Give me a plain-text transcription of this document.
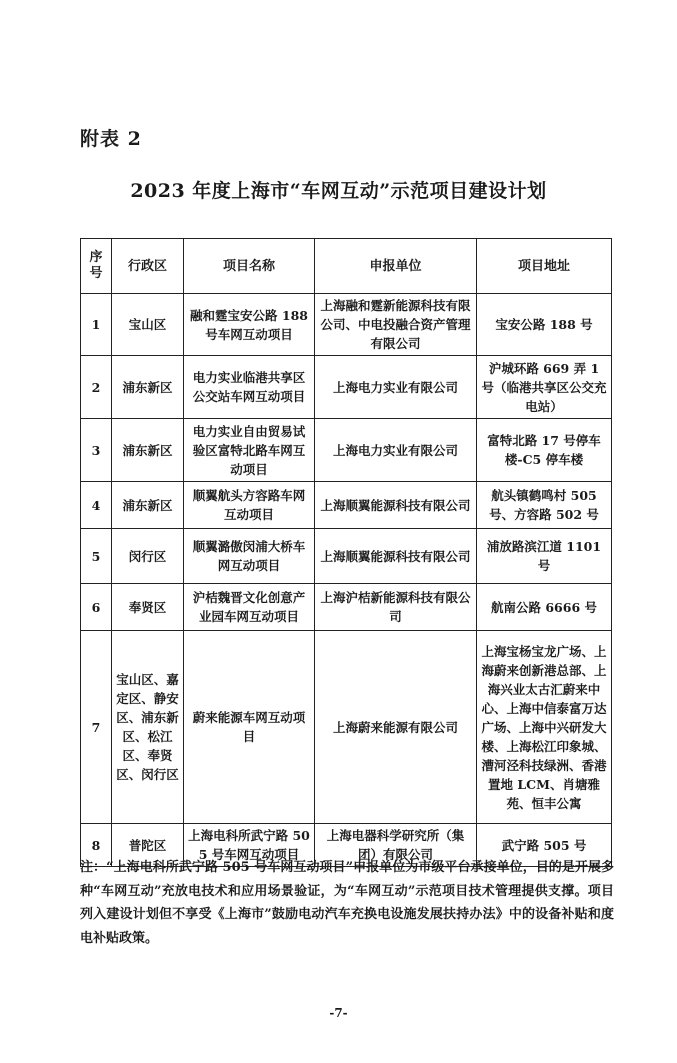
附表 2
2023 年度上海市“车网互动”示范项目建设计划
序号	行政区	项目名称	申报单位	项目地址
1	宝山区	融和霆宝安公路 188 号车网互动项目	上海融和霆新能源科技有限公司、中电投融合资产管理有限公司	宝安公路 188 号
2	浦东新区	电力实业临港共享区公交站车网互动项目	上海电力实业有限公司	沪城环路 669 弄 1 号（临港共享区公交充电站）
3	浦东新区	电力实业自由贸易试验区富特北路车网互动项目	上海电力实业有限公司	富特北路 17 号停车楼-C5 停车楼
4	浦东新区	顺翼航头方容路车网互动项目	上海顺翼能源科技有限公司	航头镇鹤鸣村 505 号、方容路 502 号
5	闵行区	顺翼潞傲闵浦大桥车网互动项目	上海顺翼能源科技有限公司	浦放路滨江道 1101 号
6	奉贤区	沪桔魏晋文化创意产业园车网互动项目	上海沪桔新能源科技有限公司	航南公路 6666 号
7	宝山区、嘉定区、静安区、浦东新区、松江区、奉贤区、闵行区	蔚来能源车网互动项目	上海蔚来能源有限公司	上海宝杨宝龙广场、上海蔚来创新港总部、上海兴业太古汇蔚来中心、上海中信泰富万达广场、上海中兴研发大楼、上海松江印象城、漕河泾科技绿洲、香港置地 LCM、肖塘雅苑、恒丰公寓
8	普陀区	上海电科所武宁路 505 号车网互动项目	上海电器科学研究所（集团）有限公司	武宁路 505 号
注：“上海电科所武宁路 505 号车网互动项目”申报单位为市级平台承接单位，目的是开展多种“车网互动”充放电技术和应用场景验证，为“车网互动”示范项目技术管理提供支撑。项目列入建设计划但不享受《上海市”鼓励电动汽车充换电设施发展扶持办法》中的设备补贴和度电补贴政策。
-7-
